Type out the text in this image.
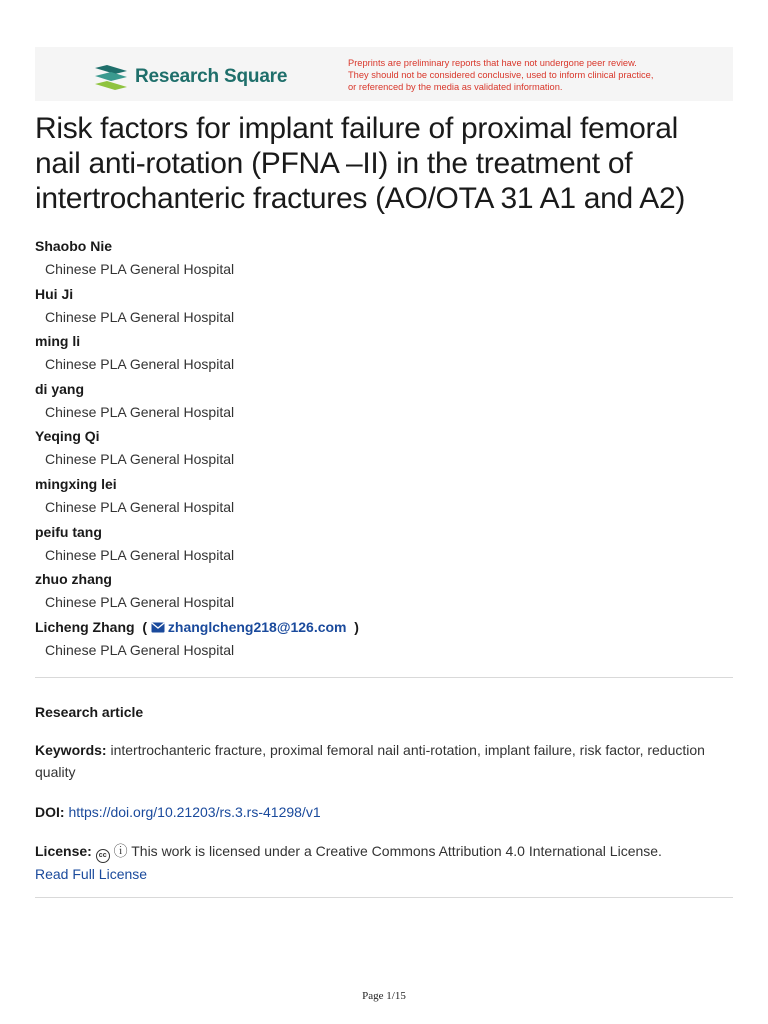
Research Square
Preprints are preliminary reports that have not undergone peer review.
They should not be considered conclusive, used to inform clinical practice,
or referenced by the media as validated information.
Risk factors for implant failure of proximal femoral
nail anti-rotation (PFNA –II) in the treatment of
intertrochanteric fractures (AO/OTA 31 A1 and A2)
Shaobo Nie
Chinese PLA General Hospital
Hui Ji
Chinese PLA General Hospital
ming li
Chinese PLA General Hospital
di yang
Chinese PLA General Hospital
Yeqing Qi
Chinese PLA General Hospital
mingxing lei
Chinese PLA General Hospital
peifu tang
Chinese PLA General Hospital
zhuo zhang
Chinese PLA General Hospital
Licheng Zhang  ( zhanglcheng218@126.com  )
Chinese PLA General Hospital
Research article
Keywords: intertrochanteric fracture, proximal femoral nail anti-rotation, implant failure, risk factor, reduction quality
DOI: https://doi.org/10.21203/rs.3.rs-41298/v1
License: cc ⓘ This work is licensed under a Creative Commons Attribution 4.0 International License.
Read Full License
Page 1/15
